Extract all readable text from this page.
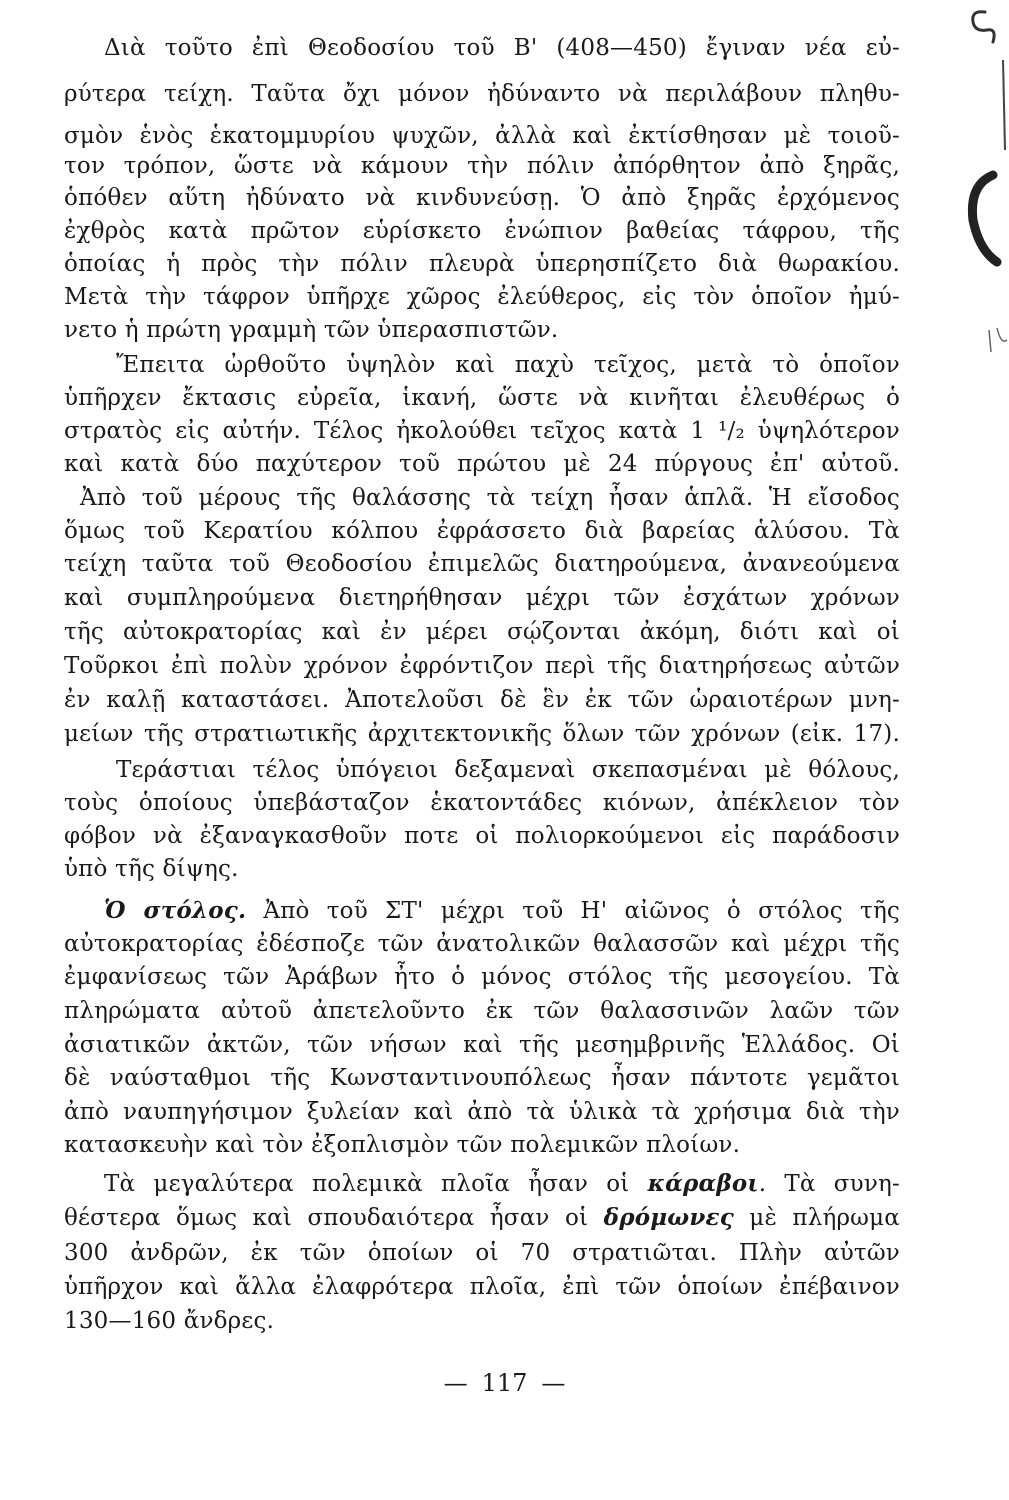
Διὰ τοῦτο ἐπὶ Θεοδοσίου τοῦ Β' (408—450) ἔγιναν νέα εὐ-
ρύτερα τείχη. Ταῦτα ὄχι μόνον ἠδύναντο νὰ περιλάβουν πληθυ-
σμὸν ἑνὸς ἑκατομμυρίου ψυχῶν, ἀλλὰ καὶ ἐκτίσθησαν μὲ τοιοῦ-
τον τρόπον, ὥστε νὰ κάμουν τὴν πόλιν ἀπόρθητον ἀπὸ ξηρᾶς,
ὁπόθεν αὕτη ἠδύνατο νὰ κινδυνεύσῃ. Ὁ ἀπὸ ξηρᾶς ἐρχόμενος
ἐχθρὸς κατὰ πρῶτον εὑρίσκετο ἐνώπιον βαθείας τάφρου, τῆς
ὁποίας ἡ πρὸς τὴν πόλιν πλευρὰ ὑπερησπίζετο διὰ θωρακίου.
Μετὰ τὴν τάφρον ὑπῆρχε χῶρος ἐλεύθερος, εἰς τὸν ὁποῖον ἠμύ-
νετο ἡ πρώτη γραμμὴ τῶν ὑπερασπιστῶν.
Ἔπειτα ὠρθοῦτο ὑψηλὸν καὶ παχὺ τεῖχος, μετὰ τὸ ὁποῖον
ὑπῆρχεν ἔκτασις εὐρεῖα, ἱκανή, ὥστε νὰ κινῆται ἐλευθέρως ὁ
στρατὸς εἰς αὐτήν. Τέλος ἠκολούθει τεῖχος κατὰ 1 ¹/₂ ὑψηλότερον
καὶ κατὰ δύο παχύτερον τοῦ πρώτου μὲ 24 πύργους ἐπ' αὐτοῦ.
Ἀπὸ τοῦ μέρους τῆς θαλάσσης τὰ τείχη ἦσαν ἁπλᾶ. Ἡ εἴσοδος
ὅμως τοῦ Κερατίου κόλπου ἐφράσσετο διὰ βαρείας ἁλύσου. Τὰ
τείχη ταῦτα τοῦ Θεοδοσίου ἐπιμελῶς διατηρούμενα, ἀνανεούμενα
καὶ συμπληρούμενα διετηρήθησαν μέχρι τῶν ἐσχάτων χρόνων
τῆς αὐτοκρατορίας καὶ ἐν μέρει σῴζονται ἀκόμη, διότι καὶ οἱ
Τοῦρκοι ἐπὶ πολὺν χρόνον ἐφρόντιζον περὶ τῆς διατηρήσεως αὐτῶν
ἐν καλῇ καταστάσει. Ἀποτελοῦσι δὲ ἓν ἐκ τῶν ὡραιοτέρων μνη-
μείων τῆς στρατιωτικῆς ἀρχιτεκτονικῆς ὅλων τῶν χρόνων (εἰκ. 17).
Τεράστιαι τέλος ὑπόγειοι δεξαμεναὶ σκεπασμέναι μὲ θόλους,
τοὺς ὁποίους ὑπεβάσταζον ἑκατοντάδες κιόνων, ἀπέκλειον τὸν
φόβον νὰ ἐξαναγκασθοῦν ποτε οἱ πολιορκούμενοι εἰς παράδοσιν
ὑπὸ τῆς δίψης.
Ὁ στόλος. Ἀπὸ τοῦ ΣΤ' μέχρι τοῦ Η' αἰῶνος ὁ στόλος τῆς
αὐτοκρατορίας ἐδέσποζε τῶν ἀνατολικῶν θαλασσῶν καὶ μέχρι τῆς
ἐμφανίσεως τῶν Ἀράβων ἦτο ὁ μόνος στόλος τῆς μεσογείου. Τὰ
πληρώματα αὐτοῦ ἀπετελοῦντο ἐκ τῶν θαλασσινῶν λαῶν τῶν
ἀσιατικῶν ἀκτῶν, τῶν νήσων καὶ τῆς μεσημβρινῆς Ἑλλάδος. Οἱ
δὲ ναύσταθμοι τῆς Κωνσταντινουπόλεως ἦσαν πάντοτε γεμᾶτοι
ἀπὸ ναυπηγήσιμον ξυλείαν καὶ ἀπὸ τὰ ὑλικὰ τὰ χρήσιμα διὰ τὴν
κατασκευὴν καὶ τὸν ἐξοπλισμὸν τῶν πολεμικῶν πλοίων.
Τὰ μεγαλύτερα πολεμικὰ πλοῖα ἦσαν οἱ κάραβοι. Τὰ συνη-
θέστερα ὅμως καὶ σπουδαιότερα ἦσαν οἱ δρόμωνες μὲ πλήρωμα
300 ἀνδρῶν, ἐκ τῶν ὁποίων οἱ 70 στρατιῶται. Πλὴν αὐτῶν
ὑπῆρχον καὶ ἄλλα ἐλαφρότερα πλοῖα, ἐπὶ τῶν ὁποίων ἐπέβαινον
130—160 ἄνδρες.
— 117 —
